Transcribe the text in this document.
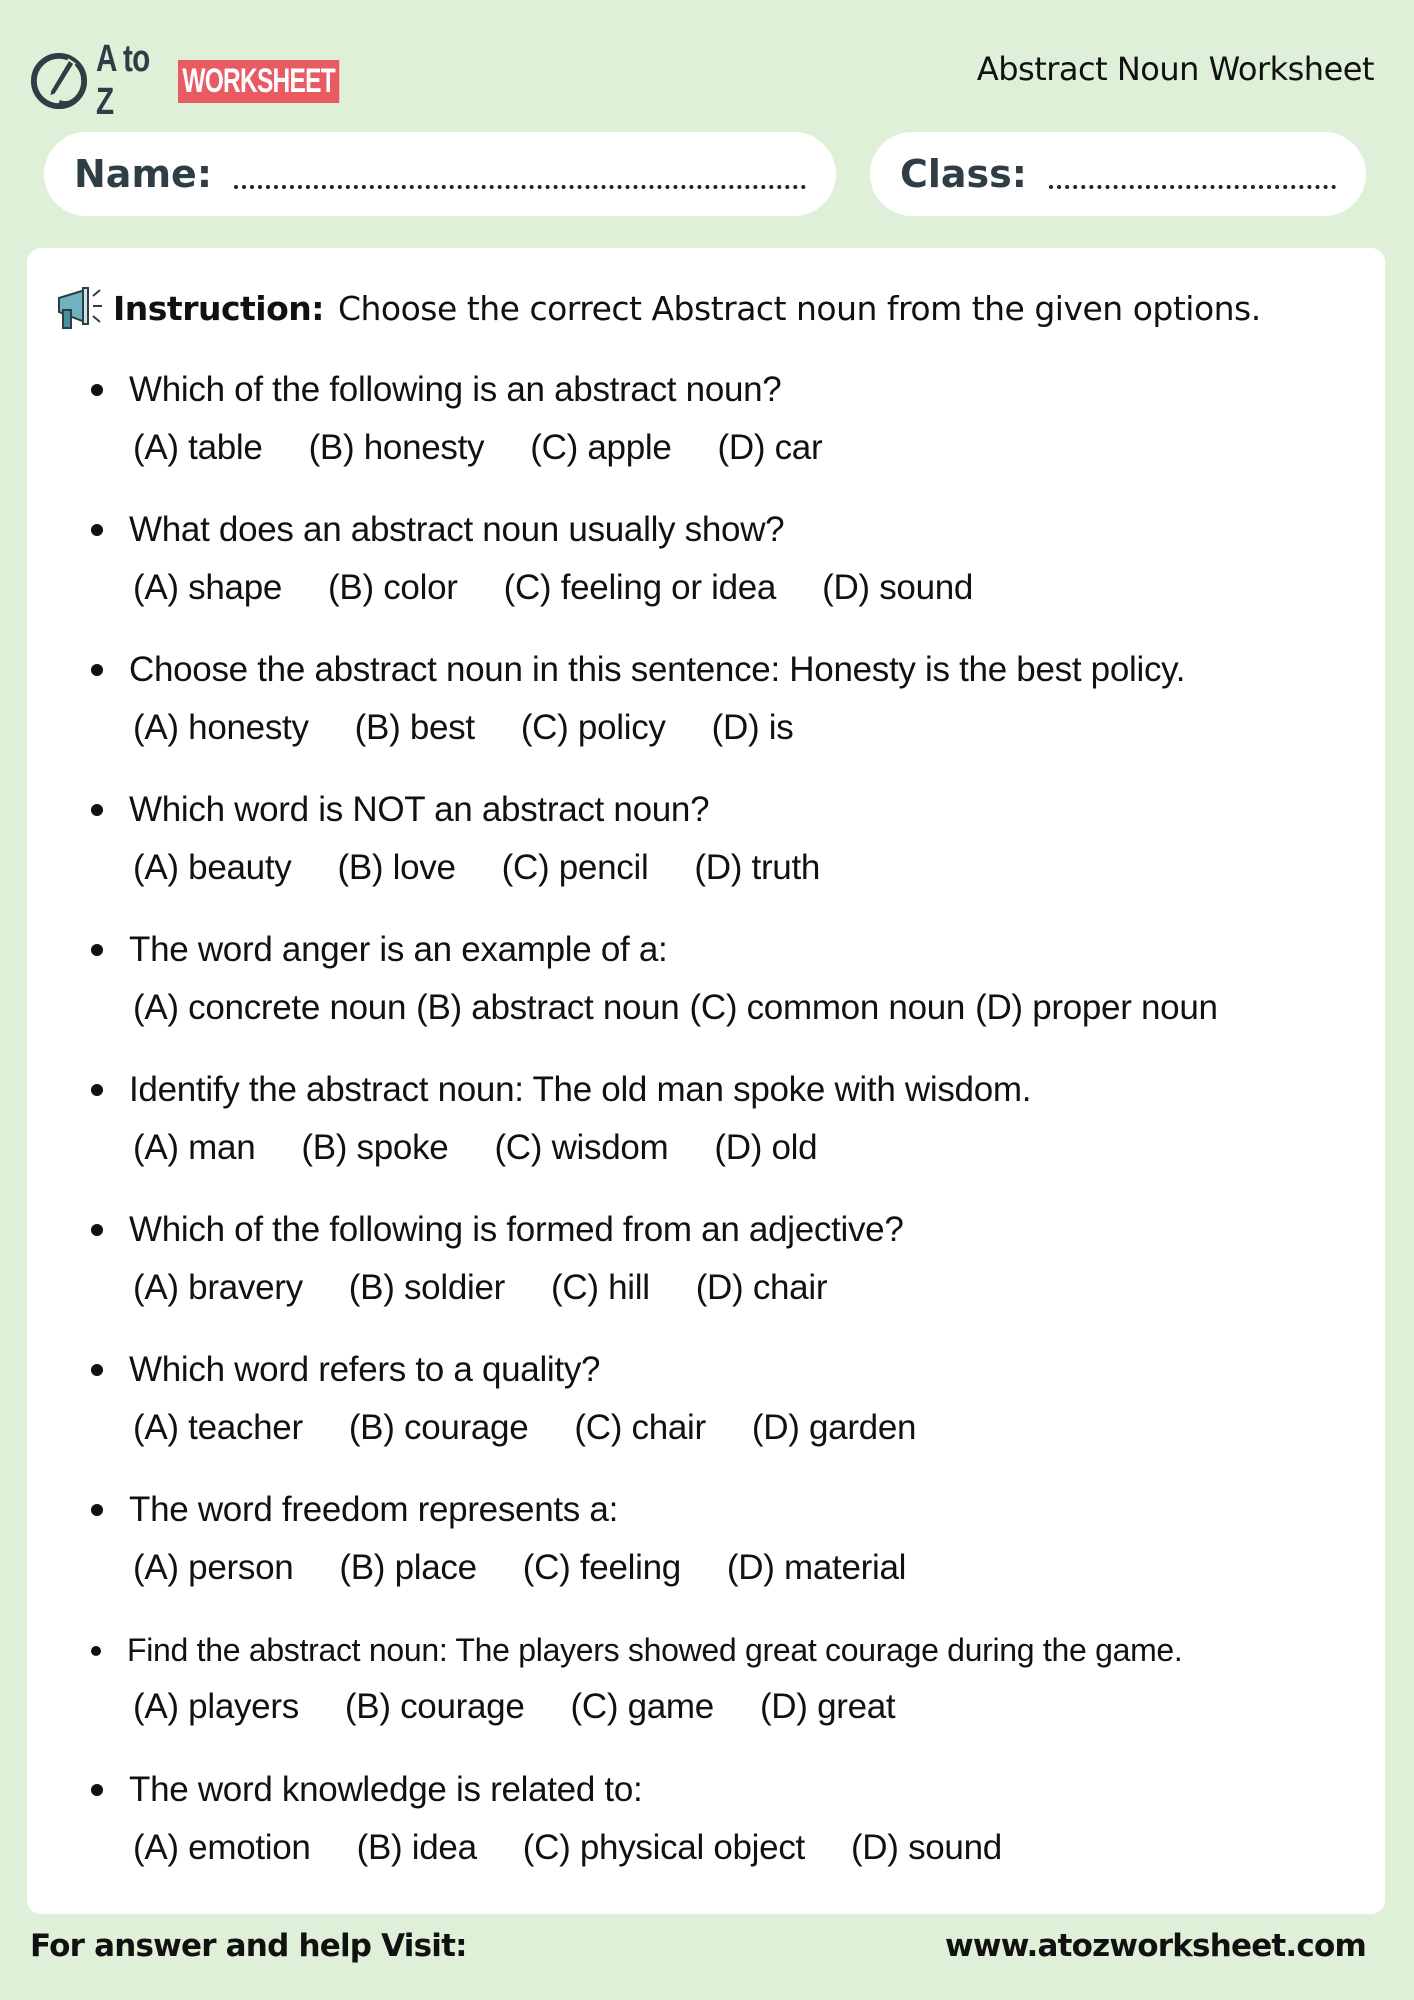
A to Z
WORKSHEET	Abstract Noun Worksheet
Name:	Class:
Instruction: Choose the correct Abstract noun from the given options.
Which of the following is an abstract noun?
(A) table (B) honesty (C) apple (D) car
What does an abstract noun usually show?
(A) shape (B) color (C) feeling or idea (D) sound
Choose the abstract noun in this sentence: Honesty is the best policy.
(A) honesty (B) best (C) policy (D) is
Which word is NOT an abstract noun?
(A) beauty (B) love (C) pencil (D) truth
The word anger is an example of a:
(A) concrete noun (B) abstract noun (C) common noun (D) proper noun
Identify the abstract noun: The old man spoke with wisdom.
(A) man (B) spoke (C) wisdom (D) old
Which of the following is formed from an adjective?
(A) bravery (B) soldier (C) hill (D) chair
Which word refers to a quality?
(A) teacher (B) courage (C) chair (D) garden
The word freedom represents a:
(A) person (B) place (C) feeling (D) material
Find the abstract noun: The players showed great courage during the game.
(A) players (B) courage (C) game (D) great
The word knowledge is related to:
(A) emotion (B) idea (C) physical object (D) sound
For answer and help Visit:	www.atozworksheet.com
